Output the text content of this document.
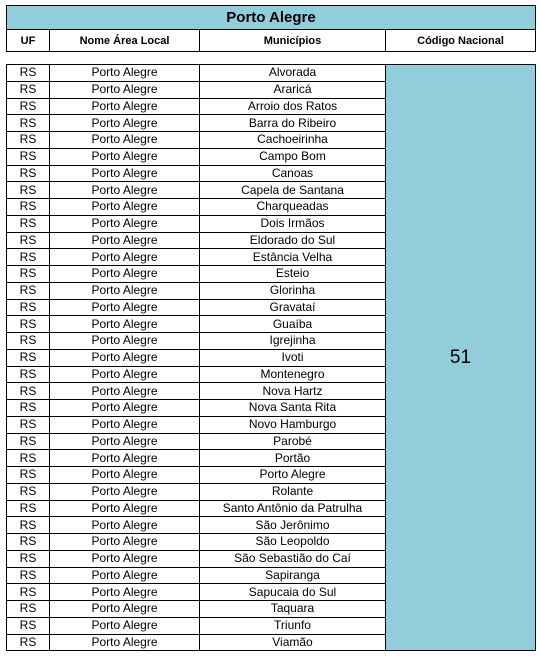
Porto Alegre
UF	Nome Área Local	Municípios	Código Nacional
RS	Porto Alegre	Alvorada	51
RS	Porto Alegre	Araricá	
RS	Porto Alegre	Arroio dos Ratos	
RS	Porto Alegre	Barra do Ribeiro	
RS	Porto Alegre	Cachoeirinha	
RS	Porto Alegre	Campo Bom	
RS	Porto Alegre	Canoas	
RS	Porto Alegre	Capela de Santana	
RS	Porto Alegre	Charqueadas	
RS	Porto Alegre	Dois Irmãos	
RS	Porto Alegre	Eldorado do Sul	
RS	Porto Alegre	Estância Velha	
RS	Porto Alegre	Esteio	
RS	Porto Alegre	Glorinha	
RS	Porto Alegre	Gravataí	
RS	Porto Alegre	Guaíba	
RS	Porto Alegre	Igrejinha	
RS	Porto Alegre	Ivoti	
RS	Porto Alegre	Montenegro	
RS	Porto Alegre	Nova Hartz	
RS	Porto Alegre	Nova Santa Rita	
RS	Porto Alegre	Novo Hamburgo	
RS	Porto Alegre	Parobé	
RS	Porto Alegre	Portão	
RS	Porto Alegre	Porto Alegre	
RS	Porto Alegre	Rolante	
RS	Porto Alegre	Santo Antônio da Patrulha	
RS	Porto Alegre	São Jerônimo	
RS	Porto Alegre	São Leopoldo	
RS	Porto Alegre	São Sebastião do Caí	
RS	Porto Alegre	Sapiranga	
RS	Porto Alegre	Sapucaia do Sul	
RS	Porto Alegre	Taquara	
RS	Porto Alegre	Triunfo	
RS	Porto Alegre	Viamão	
